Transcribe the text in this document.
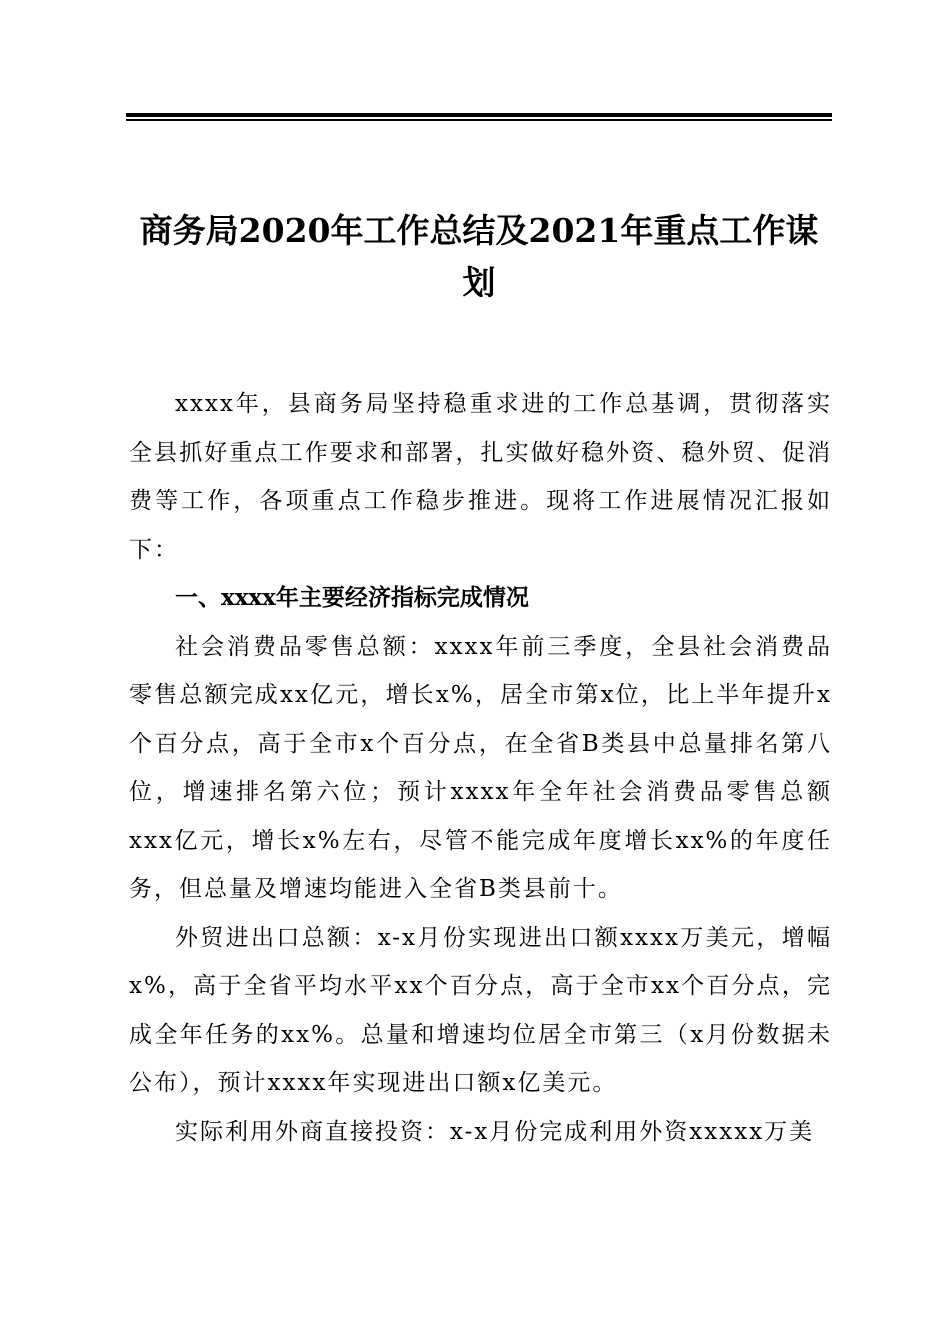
商务局2020年工作总结及2021年重点工作谋划

xxxx年，县商务局坚持稳重求进的工作总基调，贯彻落实全县抓好重点工作要求和部署，扎实做好稳外资、稳外贸、促消费等工作，各项重点工作稳步推进。现将工作进展情况汇报如下：

一、xxxx年主要经济指标完成情况

社会消费品零售总额：xxxx年前三季度，全县社会消费品零售总额完成xx亿元，增长x%，居全市第x位，比上半年提升x个百分点，高于全市x个百分点，在全省B类县中总量排名第八位，增速排名第六位；预计xxxx年全年社会消费品零售总额xxx亿元，增长x%左右，尽管不能完成年度增长xx%的年度任务，但总量及增速均能进入全省B类县前十。

外贸进出口总额：x-x月份实现进出口额xxxx万美元，增幅x%，高于全省平均水平xx个百分点，高于全市xx个百分点，完成全年任务的xx%。总量和增速均位居全市第三（x月份数据未公布），预计xxxx年实现进出口额x亿美元。

实际利用外商直接投资：x-x月份完成利用外资xxxxx万美
